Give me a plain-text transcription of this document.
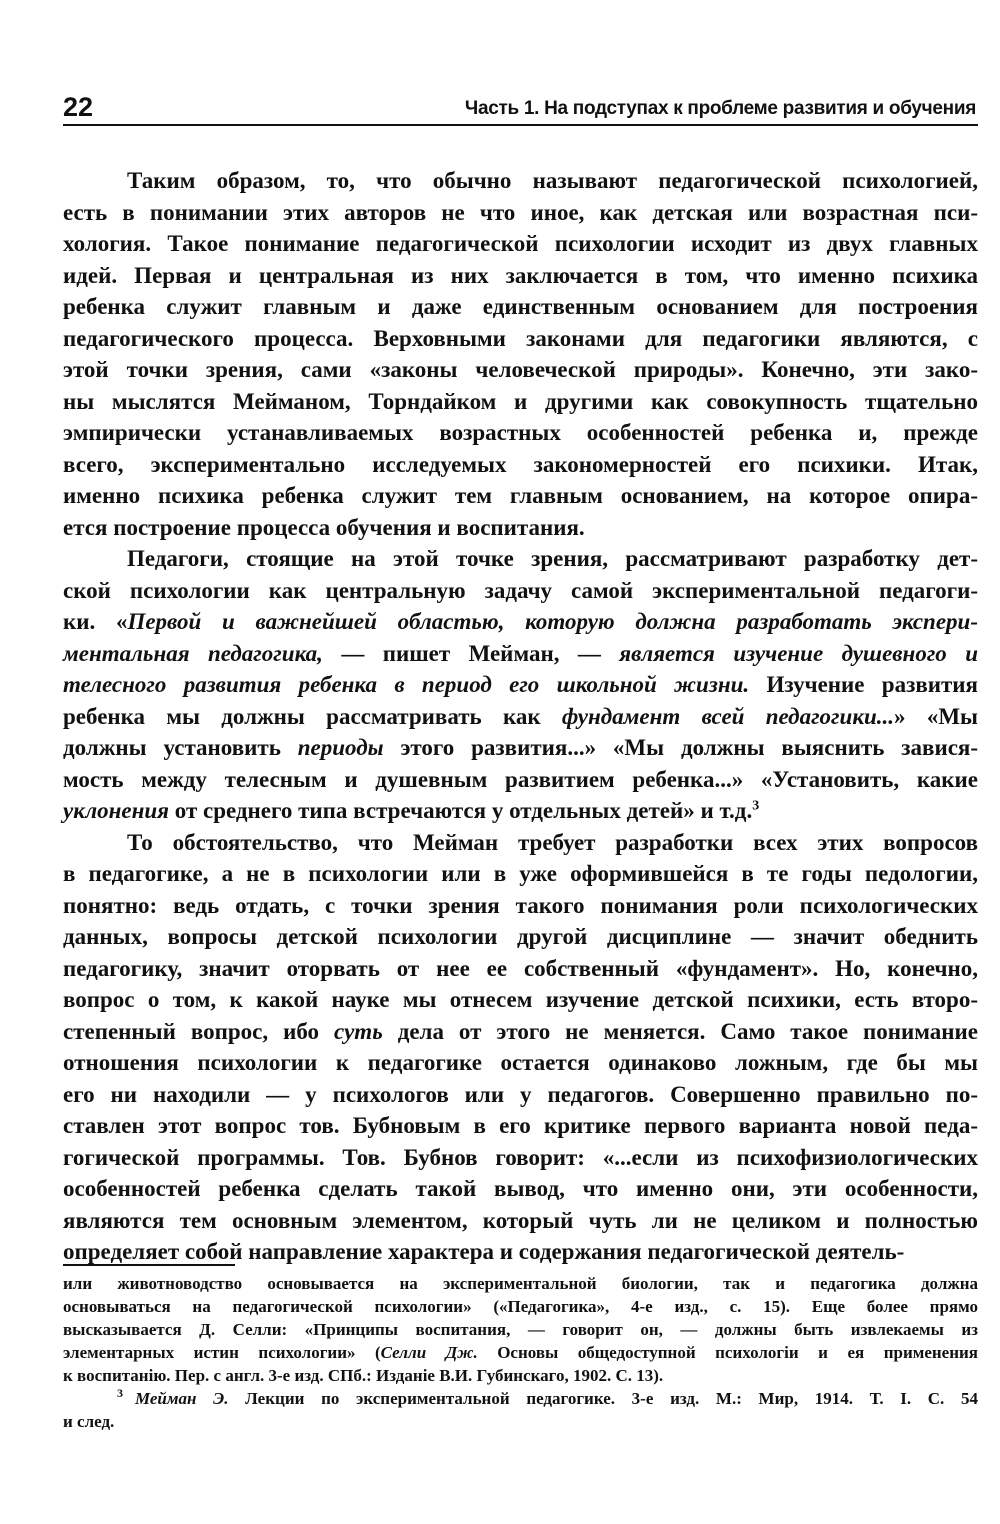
22	Часть 1. На подступах к проблеме развития и обучения

Таким образом, то, что обычно называют педагогической психологией,
есть в понимании этих авторов не что иное, как детская или возрастная пси-
хология. Такое понимание педагогической психологии исходит из двух главных
идей. Первая и центральная из них заключается в том, что именно психика
ребенка служит главным и даже единственным основанием для построения
педагогического процесса. Верховными законами для педагогики являются, с
этой точки зрения, сами «законы человеческой природы». Конечно, эти зако-
ны мыслятся Мейманом, Торндайком и другими как совокупность тщательно
эмпирически устанавливаемых возрастных особенностей ребенка и, прежде
всего, экспериментально исследуемых закономерностей его психики. Итак,
именно психика ребенка служит тем главным основанием, на которое опира-
ется построение процесса обучения и воспитания.

Педагоги, стоящие на этой точке зрения, рассматривают разработку дет-
ской психологии как центральную задачу самой экспериментальной педагоги-
ки. «Первой и важнейшей областью, которую должна разработать экспери-
ментальная педагогика, — пишет Мейман, — является изучение душевного и
телесного развития ребенка в период его школьной жизни. Изучение развития
ребенка мы должны рассматривать как фундамент всей педагогики...» «Мы
должны установить периоды этого развития...» «Мы должны выяснить завися-
мость между телесным и душевным развитием ребенка...» «Установить, какие
уклонения от среднего типа встречаются у отдельных детей» и т.д.$^3$

То обстоятельство, что Мейман требует разработки всех этих вопросов
в педагогике, а не в психологии или в уже оформившейся в те годы педологии,
понятно: ведь отдать, с точки зрения такого понимания роли психологических
данных, вопросы детской психологии другой дисциплине — значит обеднить
педагогику, значит оторвать от нее ее собственный «фундамент». Но, конечно,
вопрос о том, к какой науке мы отнесем изучение детской психики, есть второ-
степенный вопрос, ибо суть дела от этого не меняется. Само такое понимание
отношения психологии к педагогике остается одинаково ложным, где бы мы
его ни находили — у психологов или у педагогов. Совершенно правильно по-
ставлен этот вопрос тов. Бубновым в его критике первого варианта новой педа-
гогической программы. Тов. Бубнов говорит: «...если из психофизиологических
особенностей ребенка сделать такой вывод, что именно они, эти особенности,
являются тем основным элементом, который чуть ли не целиком и полностью
определяет собой направление характера и содержания педагогической деятель-

или животноводство основывается на экспериментальной биологии, так и педагогика должна
основываться на педагогической психологии» («Педагогика», 4-е изд., с. 15). Еще более прямо
высказывается Д. Селли: «Принципы воспитания, — говорит он, — должны быть извлекаемы из
элементарных истин психологии» (Селли Дж. Основы общедоступной психологіи и ея применения
к воспитанію. Пер. с англ. 3-е изд. СПб.: Изданіе В.И. Губинскаго, 1902. С. 13).

$^3$ Мейман Э. Лекции по экспериментальной педагогике. 3-е изд. М.: Мир, 1914. Т. I. С. 54
и след.
